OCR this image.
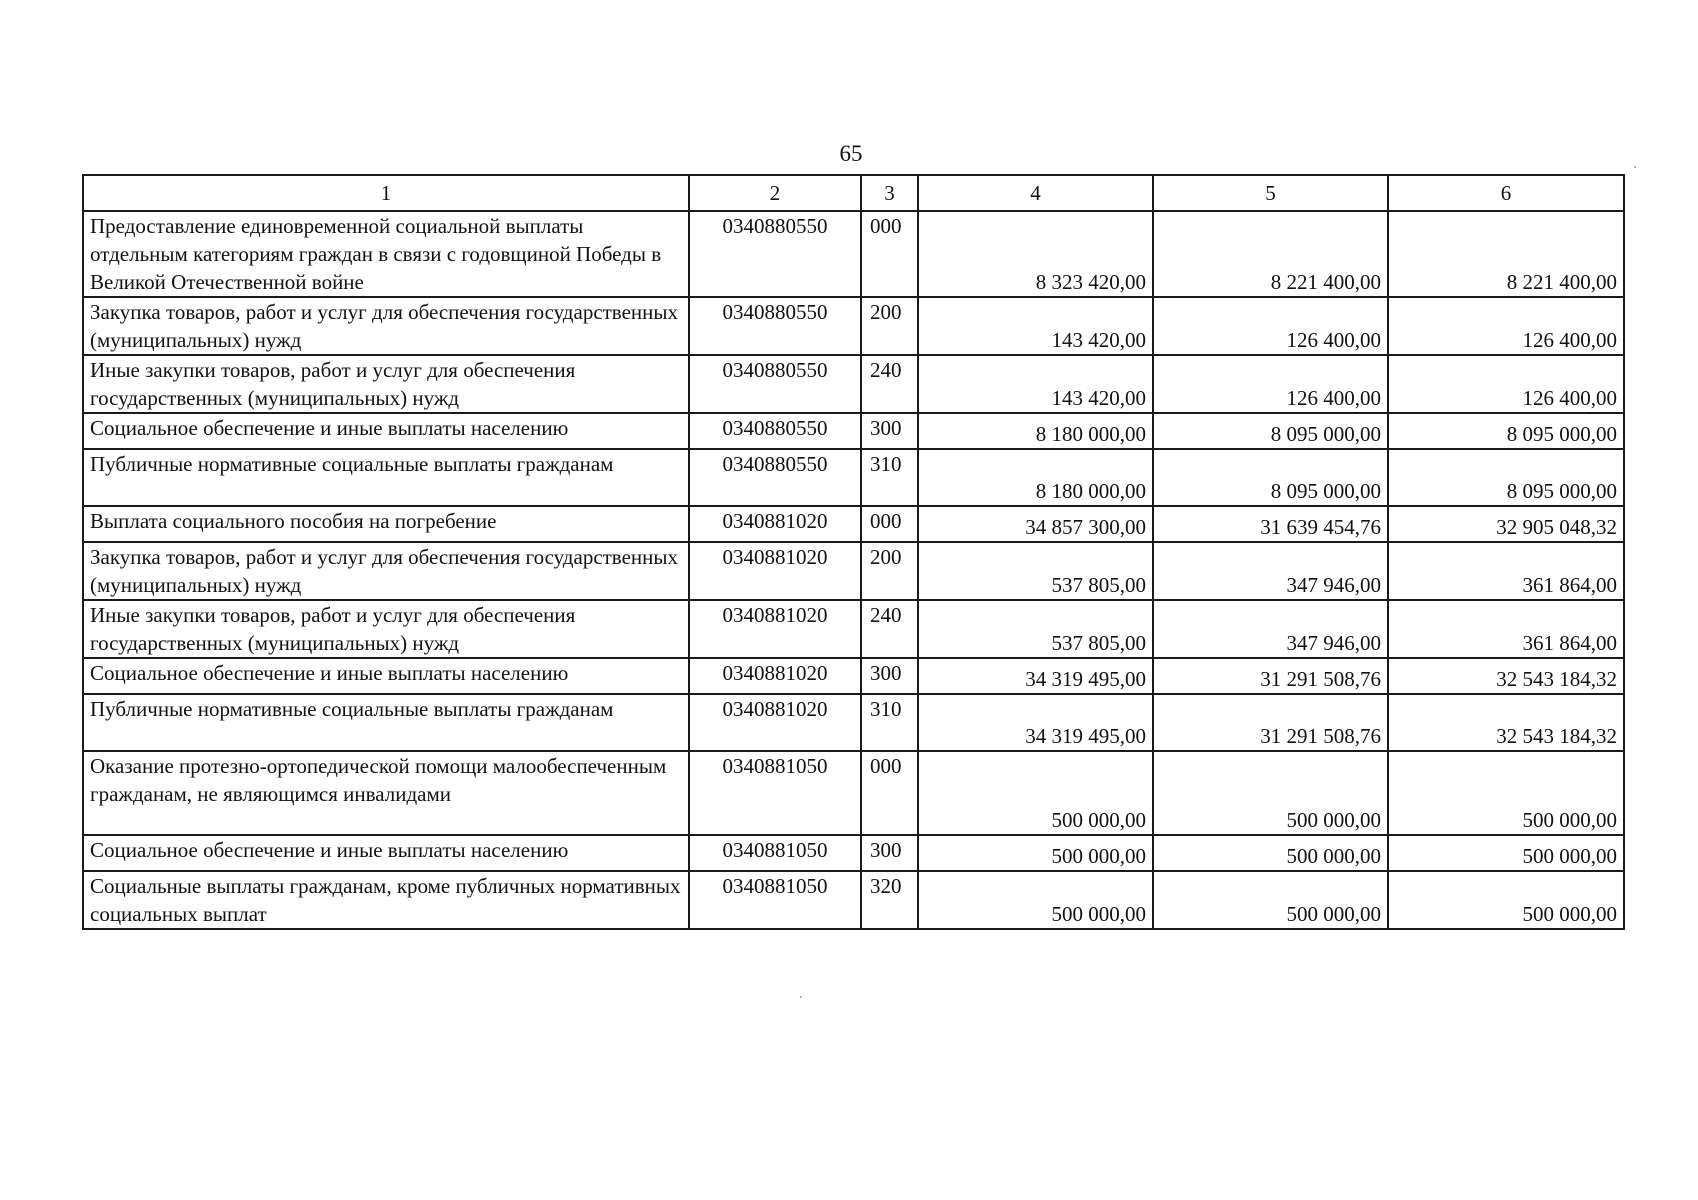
65
1	2	3	4	5	6
Предоставление единовременной социальной выплаты отдельным категориям граждан в связи с годовщиной Победы в Великой Отечественной войне	0340880550	000	8 323 420,00	8 221 400,00	8 221 400,00
Закупка товаров, работ и услуг для обеспечения государственных (муниципальных) нужд	0340880550	200	143 420,00	126 400,00	126 400,00
Иные закупки товаров, работ и услуг для обеспечения государственных (муниципальных) нужд	0340880550	240	143 420,00	126 400,00	126 400,00
Социальное обеспечение и иные выплаты населению	0340880550	300	8 180 000,00	8 095 000,00	8 095 000,00
Публичные нормативные социальные выплаты гражданам	0340880550	310	8 180 000,00	8 095 000,00	8 095 000,00
Выплата социального пособия на погребение	0340881020	000	34 857 300,00	31 639 454,76	32 905 048,32
Закупка товаров, работ и услуг для обеспечения государственных (муниципальных) нужд	0340881020	200	537 805,00	347 946,00	361 864,00
Иные закупки товаров, работ и услуг для обеспечения государственных (муниципальных) нужд	0340881020	240	537 805,00	347 946,00	361 864,00
Социальное обеспечение и иные выплаты населению	0340881020	300	34 319 495,00	31 291 508,76	32 543 184,32
Публичные нормативные социальные выплаты гражданам	0340881020	310	34 319 495,00	31 291 508,76	32 543 184,32
Оказание протезно-ортопедической помощи малообеспеченным гражданам, не являющимся инвалидами	0340881050	000	500 000,00	500 000,00	500 000,00
Социальное обеспечение и иные выплаты населению	0340881050	300	500 000,00	500 000,00	500 000,00
Социальные выплаты гражданам, кроме публичных нормативных социальных выплат	0340881050	320	500 000,00	500 000,00	500 000,00
